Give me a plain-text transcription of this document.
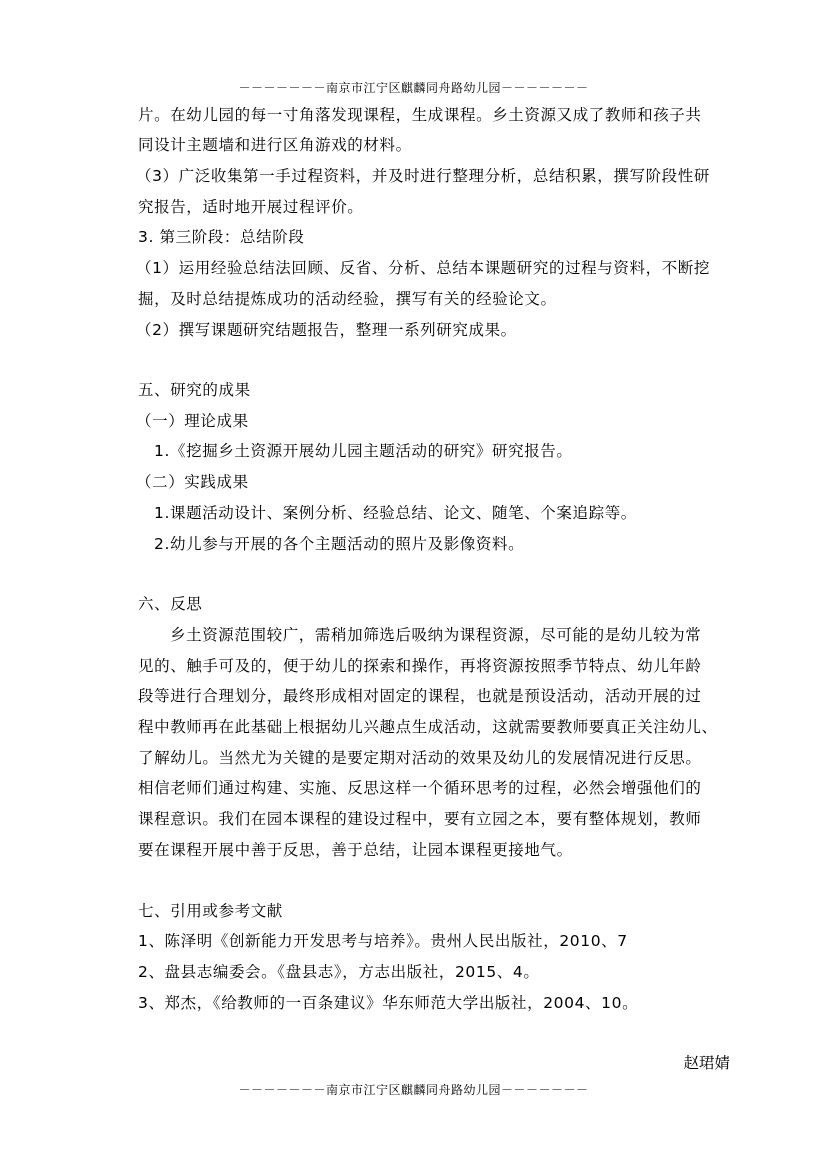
－－－－－－－南京市江宁区麒麟同舟路幼儿园－－－－－－－
片。在幼儿园的每一寸角落发现课程，生成课程。乡土资源又成了教师和孩子共
同设计主题墙和进行区角游戏的材料。
（3）广泛收集第一手过程资料，并及时进行整理分析，总结积累，撰写阶段性研
究报告，适时地开展过程评价。
3. 第三阶段：总结阶段
（1）运用经验总结法回顾、反省、分析、总结本课题研究的过程与资料，不断挖
掘，及时总结提炼成功的活动经验，撰写有关的经验论文。
（2）撰写课题研究结题报告，整理一系列研究成果。
五、研究的成果
（一）理论成果
1.《挖掘乡土资源开展幼儿园主题活动的研究》研究报告。
（二）实践成果
1.课题活动设计、案例分析、经验总结、论文、随笔、个案追踪等。
2.幼儿参与开展的各个主题活动的照片及影像资料。
六、反思
乡土资源范围较广，需稍加筛选后吸纳为课程资源，尽可能的是幼儿较为常
见的、触手可及的，便于幼儿的探索和操作，再将资源按照季节特点、幼儿年龄
段等进行合理划分，最终形成相对固定的课程，也就是预设活动，活动开展的过
程中教师再在此基础上根据幼儿兴趣点生成活动，这就需要教师要真正关注幼儿、
了解幼儿。当然尤为关键的是要定期对活动的效果及幼儿的发展情况进行反思。
相信老师们通过构建、实施、反思这样一个循环思考的过程，必然会增强他们的
课程意识。我们在园本课程的建设过程中，要有立园之本，要有整体规划，教师
要在课程开展中善于反思，善于总结，让园本课程更接地气。
七、引用或参考文献
1、陈泽明《创新能力开发思考与培养》。贵州人民出版社，2010、7
2、盘县志编委会。《盘县志》，方志出版社，2015、4。
3、郑杰，《给教师的一百条建议》华东师范大学出版社，2004、10。
赵珺婧
－－－－－－－南京市江宁区麒麟同舟路幼儿园－－－－－－－
